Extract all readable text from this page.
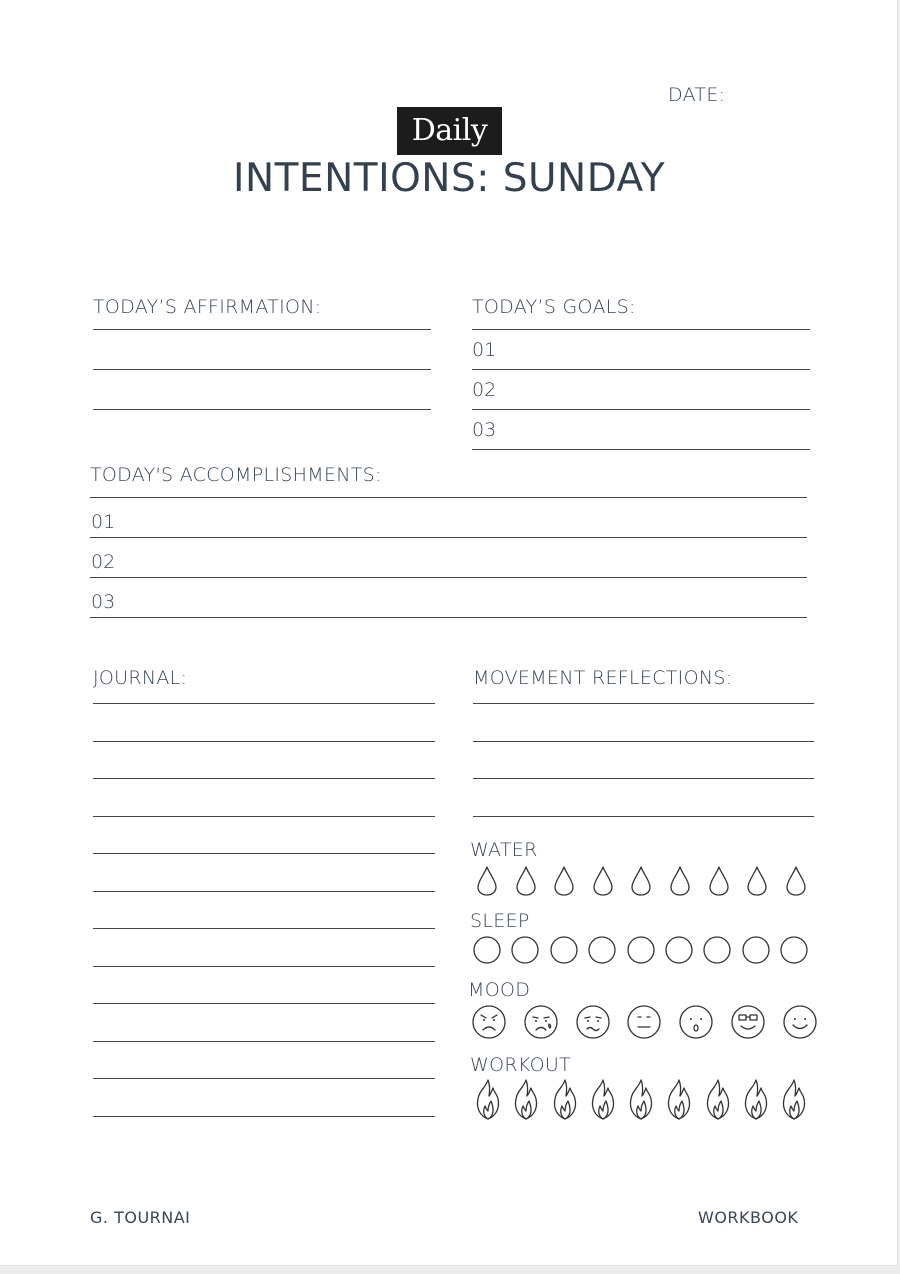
DATE:
Daily
INTENTIONS: SUNDAY
TODAY’S AFFIRMATION:	TODAY’S GOALS:
01
02
03
TODAY'S ACCOMPLISHMENTS:
01
02
03
JOURNAL:	MOVEMENT REFLECTIONS:
WATER
SLEEP
MOOD
WORKOUT
G. TOURNAI	WORKBOOK
